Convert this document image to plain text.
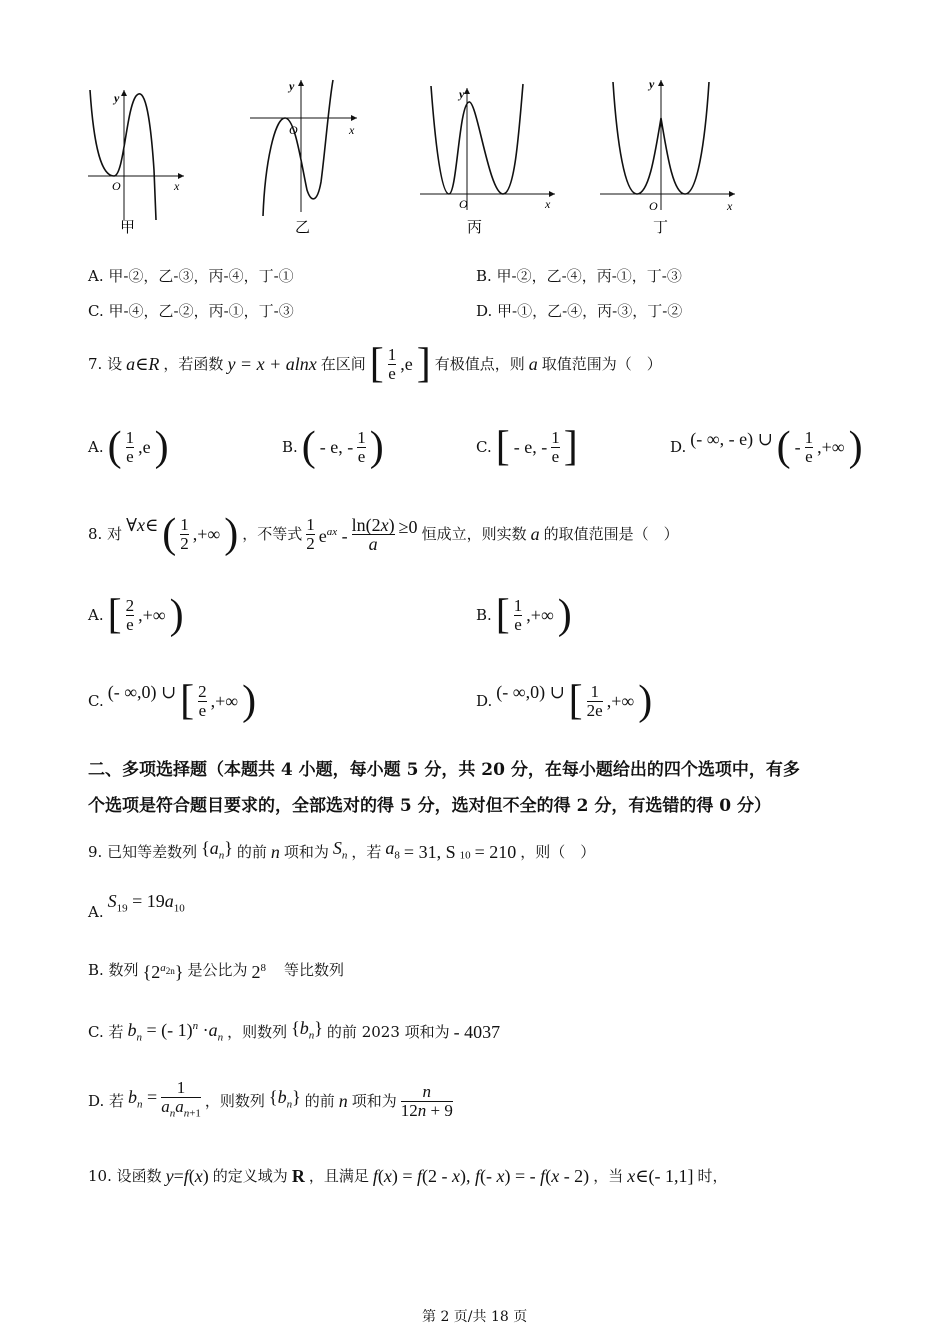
y
O	x
甲
y
O	x
乙
y
O	x
丙
y
O	x
丁
A. 甲-②，乙-③，丙-④，丁-①	B. 甲-②，乙-④，丙-①，丁-③
C. 甲-④，乙-②，丙-①，丁-③	D. 甲-①，乙-④，丙-③，丁-②
7. 设 a∈R ，若函数 y = x + alnx 在区间 [ $\frac{1}{e} ,e$ ] 有极值点，则 a 取值范围为（　）
A. ( $\frac{1}{e} ,e$ )	B. ( - e, - $\frac{1}{e}$ )	C. [ - e, - $\frac{1}{e}$ ]	D. (- ∞, - e) ∪ ( - $\frac{1}{e}$ ,+∞ )
8. 对 ∀x∈ ( $\frac{1}{2}$ ,+∞ ) ，不等式 $\frac{1}{2} e^{ax} - \frac{\ln(2x)}{a} \ge 0$ 恒成立，则实数 a 的取值范围是（　）
A. [ $\frac{2}{e}$ ,+∞ )	B. [ $\frac{1}{e}$ ,+∞ )
C. (- ∞,0) ∪ [ $\frac{2}{e}$ ,+∞ )	D. (- ∞,0) ∪ [ $\frac{1}{2e}$ ,+∞ )
二、多项选择题（本题共 4 小题，每小题 5 分，共 20 分，在每小题给出的四个选项中，有多
个选项是符合题目要求的，全部选对的得 5 分，选对但不全的得 2 分，有选错的得 0 分）
9. 已知等差数列 $\{a_n\}$ 的前 n 项和为 $S_n$ ，若 $a_8 = 31$, S $_{10}$ = 210 ，则（　）
A.
$S_{19} = 19a_{10}$
B. 数列 $\{2^{a_{2n}}\}$ 是公比为 $2^8$ 等比数列
C. 若 $b_n$ = (- $1)^n \cdot a_n$ ，则数列 $\{b_n\}$ 的前 2023 项和为 - 4037
D. 若 $b_n = \frac{1}{a_na_{n+1}}$ ，则数列 $\{b_n\}$ 的前 n 项和为 $\frac{n}{12n + 9}$
10. 设函数 y=f(x) 的定义域为 R ，且满足 f(x) = f(2 - x), f(- x) = - f(x - 2) ，当 x∈(- 1,1] 时，
第 2 页/共 18 页
